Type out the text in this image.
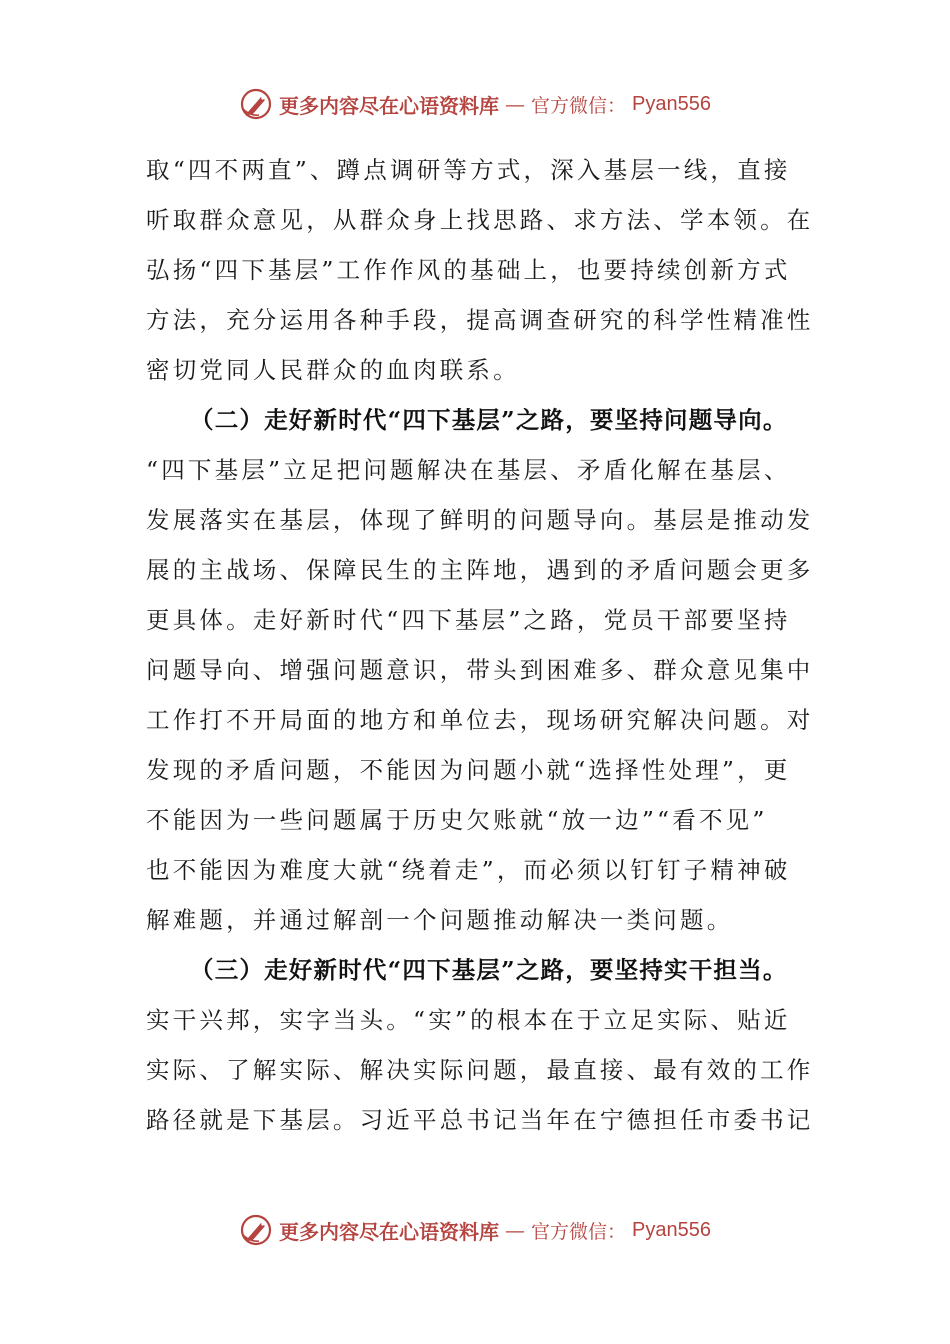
更多内容尽在心语资料库 — 官方微信： Pyan556
取“四不两直”、蹲点调研等方式，深入基层一线，直接
听取群众意见，从群众身上找思路、求方法、学本领。在
弘扬“四下基层”工作作风的基础上，也要持续创新方式
方法，充分运用各种手段，提高调查研究的科学性精准性
密切党同人民群众的血肉联系。
（二）走好新时代“四下基层”之路，要坚持问题导向。
“四下基层”立足把问题解决在基层、矛盾化解在基层、
发展落实在基层，体现了鲜明的问题导向。基层是推动发
展的主战场、保障民生的主阵地，遇到的矛盾问题会更多
更具体。走好新时代“四下基层”之路，党员干部要坚持
问题导向、增强问题意识，带头到困难多、群众意见集中
工作打不开局面的地方和单位去，现场研究解决问题。对
发现的矛盾问题，不能因为问题小就“选择性处理”，更
不能因为一些问题属于历史欠账就“放一边”“看不见”
也不能因为难度大就“绕着走”，而必须以钉钉子精神破
解难题，并通过解剖一个问题推动解决一类问题。
（三）走好新时代“四下基层”之路，要坚持实干担当。
实干兴邦，实字当头。“实”的根本在于立足实际、贴近
实际、了解实际、解决实际问题，最直接、最有效的工作
路径就是下基层。习近平总书记当年在宁德担任市委书记
更多内容尽在心语资料库 — 官方微信： Pyan556
